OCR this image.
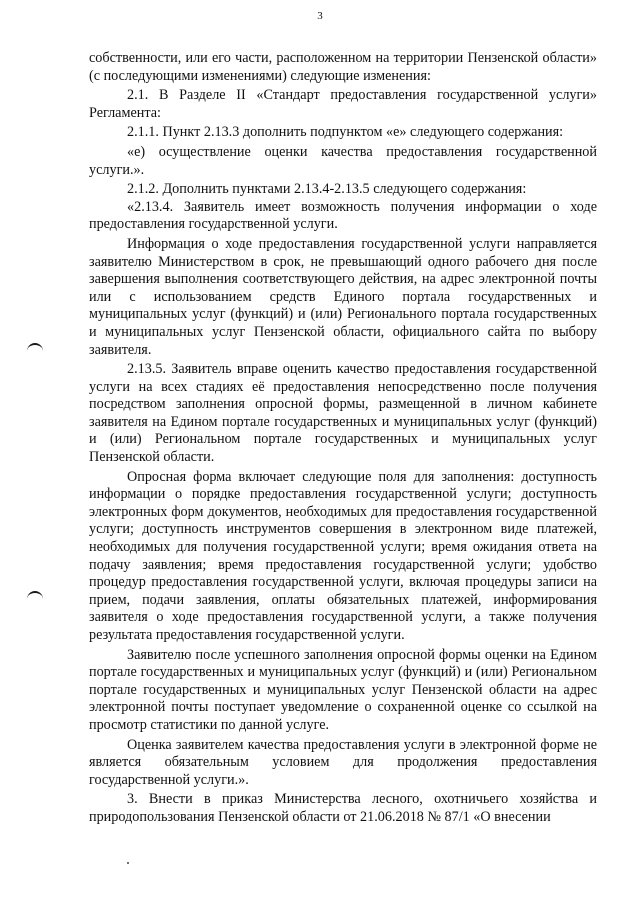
3

собственности, или его части, расположенном на территории Пензенской области» (с последующими изменениями) следующие изменения:

2.1. В Разделе II «Стандарт предоставления государственной услуги» Регламента:

2.1.1. Пункт 2.13.3 дополнить подпунктом «е» следующего содержания:

«е) осуществление оценки качества предоставления государственной услуги.».

2.1.2. Дополнить пунктами 2.13.4-2.13.5 следующего содержания:

«2.13.4. Заявитель имеет возможность получения информации о ходе предоставления государственной услуги.

Информация о ходе предоставления государственной услуги направляется заявителю Министерством в срок, не превышающий одного рабочего дня после завершения выполнения соответствующего действия, на адрес электронной почты или с использованием средств Единого портала государственных и муниципальных услуг (функций) и (или) Регионального портала государственных и муниципальных услуг Пензенской области, официального сайта по выбору заявителя.

2.13.5. Заявитель вправе оценить качество предоставления государственной услуги на всех стадиях её предоставления непосредственно после получения посредством заполнения опросной формы, размещенной в личном кабинете заявителя на Едином портале государственных и муниципальных услуг (функций) и (или) Региональном портале государственных и муниципальных услуг Пензенской области.

Опросная форма включает следующие поля для заполнения: доступность информации о порядке предоставления государственной услуги; доступность электронных форм документов, необходимых для предоставления государственной услуги; доступность инструментов совершения в электронном виде платежей, необходимых для получения государственной услуги; время ожидания ответа на подачу заявления; время предоставления государственной услуги; удобство процедур предоставления государственной услуги, включая процедуры записи на прием, подачи заявления, оплаты обязательных платежей, информирования заявителя о ходе предоставления государственной услуги, а также получения результата предоставления государственной услуги.

Заявителю после успешного заполнения опросной формы оценки на Едином портале государственных и муниципальных услуг (функций) и (или) Региональном портале государственных и муниципальных услуг Пензенской области на адрес электронной почты поступает уведомление о сохраненной оценке со ссылкой на просмотр статистики по данной услуге.

Оценка заявителем качества предоставления услуги в электронной форме не является обязательным условием для продолжения предоставления государственной услуги.».

3. Внести в приказ Министерства лесного, охотничьего хозяйства и природопользования Пензенской области от 21.06.2018 № 87/1 «О внесении
